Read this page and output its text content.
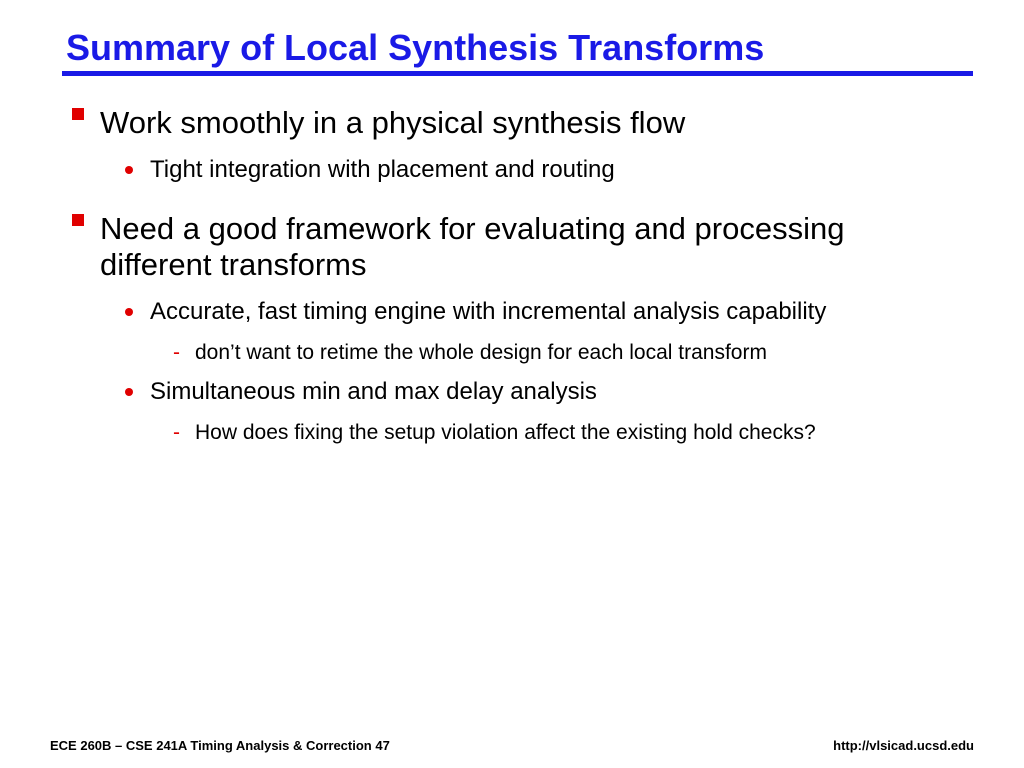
Summary of Local Synthesis Transforms
Work smoothly in a physical synthesis flow
Tight integration with placement and routing
Need a good framework for evaluating and processing different transforms
Accurate, fast timing engine with incremental analysis capability
- don’t want to retime the whole design for each local transform
Simultaneous min and max delay analysis
- How does fixing the setup violation affect the existing hold checks?
ECE 260B – CSE 241A Timing Analysis & Correction 47	http://vlsicad.ucsd.edu
